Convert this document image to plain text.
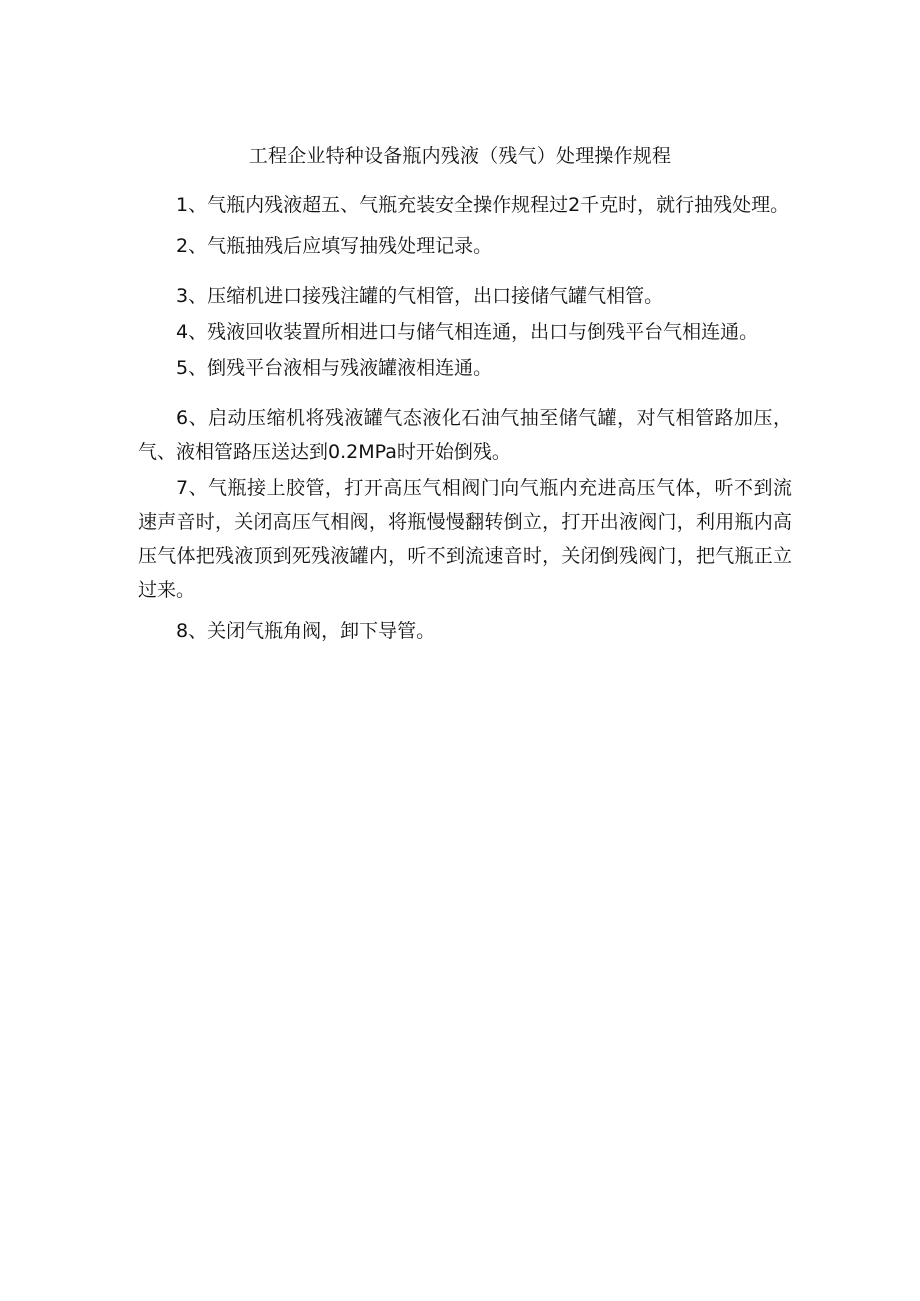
工程企业特种设备瓶内残液（残气）处理操作规程

1、气瓶内残液超五、气瓶充装安全操作规程过2千克时，就行抽残处理。

2、气瓶抽残后应填写抽残处理记录。

3、压缩机进口接残注罐的气相管，出口接储气罐气相管。

4、残液回收装置所相进口与储气相连通，出口与倒残平台气相连通。

5、倒残平台液相与残液罐液相连通。

6、启动压缩机将残液罐气态液化石油气抽至储气罐，对气相管路加压，气、液相管路压送达到0.2MPa时开始倒残。

7、气瓶接上胶管，打开高压气相阀门向气瓶内充进高压气体，听不到流速声音时，关闭高压气相阀，将瓶慢慢翻转倒立，打开出液阀门，利用瓶内高压气体把残液顶到死残液罐内，听不到流速音时，关闭倒残阀门，把气瓶正立过来。

8、关闭气瓶角阀，卸下导管。
